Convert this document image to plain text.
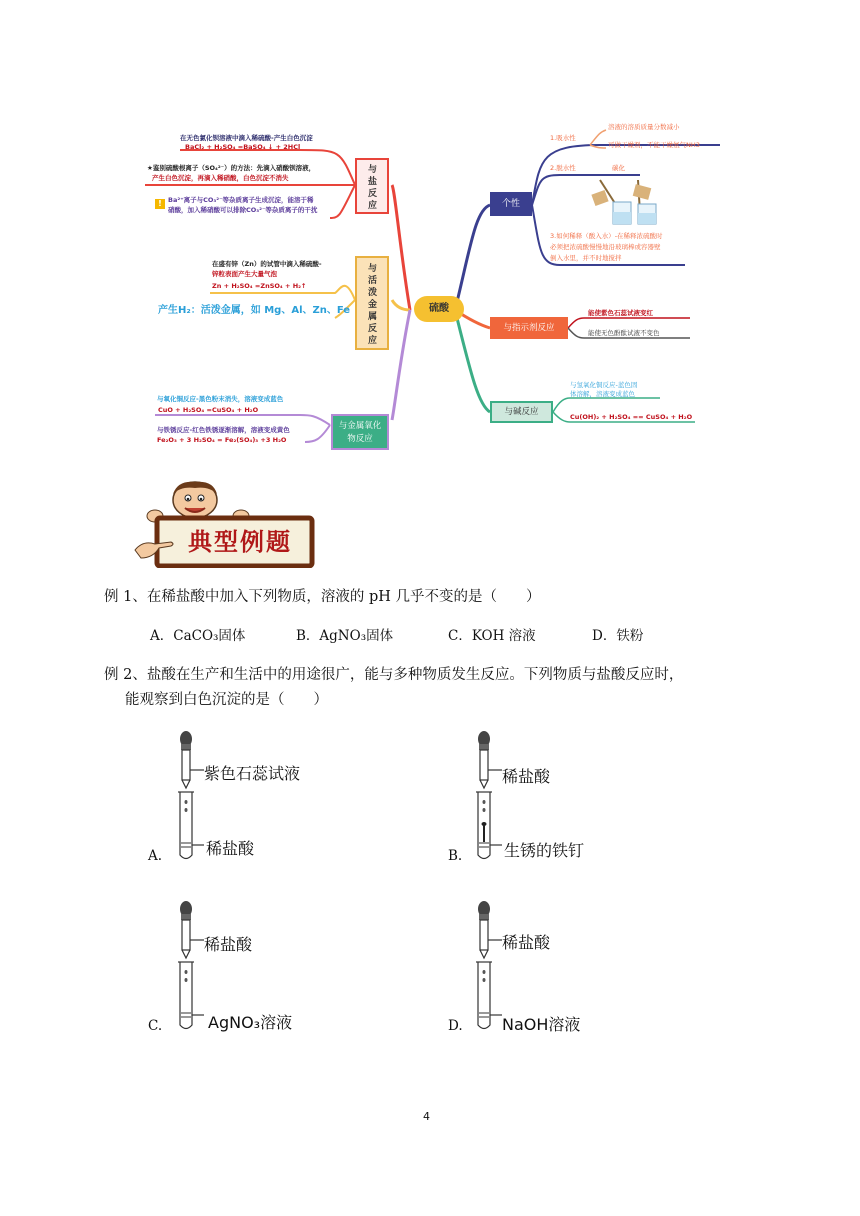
硫酸
与盐反应
在无色氯化钡溶液中滴入稀硫酸-产生白色沉淀
BaCl₂ + H₂SO₄ =BaSO₄ ↓ + 2HCl
★鉴别硫酸根离子（SO₄²⁻）的方法：先滴入硝酸钡溶液，
产生白色沉淀，再滴入稀硝酸，白色沉淀不消失
! Ba²⁺离子与CO₃²⁻等杂质离子生成沉淀，能溶于稀
硝酸，加入稀硝酸可以排除CO₃²⁻等杂质离子的干扰
与活泼金属反应
在盛有锌（Zn）的试管中滴入稀硫酸-
锌粒表面产生大量气泡
Zn + H₂SO₄ =ZnSO₄ + H₂↑
产生H₂：活泼金属，如 Mg、Al、Zn、Fe
与金属氧化物反应
与氧化铜反应-黑色粉末消失，溶液变成蓝色
CuO + H₂SO₄ =CuSO₄ + H₂O
与铁锈反应-红色铁锈逐渐溶解，溶液变成黄色
Fe₂O₃ + 3 H₂SO₄ = Fe₂(SO₄)₃ +3 H₂O
个性
1.吸水性
溶液的溶质质量分数减小
可做干燥剂，不能干燥氨气NH3
2.脱水性	碳化
3.如何稀释（酸入水）-在稀释浓硫酸时
必须把浓硫酸慢慢地沿玻璃棒或容器壁
倒入水里，并不时地搅拌
与指示剂反应
能使紫色石蕊试液变红
能使无色酚酞试液不变色
与碱反应
与氢氧化铜反应-蓝色固
体溶解，溶液变成蓝色
Cu(OH)₂ + H₂SO₄ == CuSO₄ + H₂O
典型例题
例 1、在稀盐酸中加入下列物质，溶液的 pH 几乎不变的是（　　）
A．CaCO₃固体	B．AgNO₃固体	C．KOH 溶液	D．铁粉
例 2、盐酸在生产和生活中的用途很广，能与多种物质发生反应。下列物质与盐酸反应时，
能观察到白色沉淀的是（　　）
紫色石蕊试液
稀盐酸
A.
稀盐酸
生锈的铁钉
B.
稀盐酸
AgNO₃溶液
C.
稀盐酸
NaOH溶液
D.
4
